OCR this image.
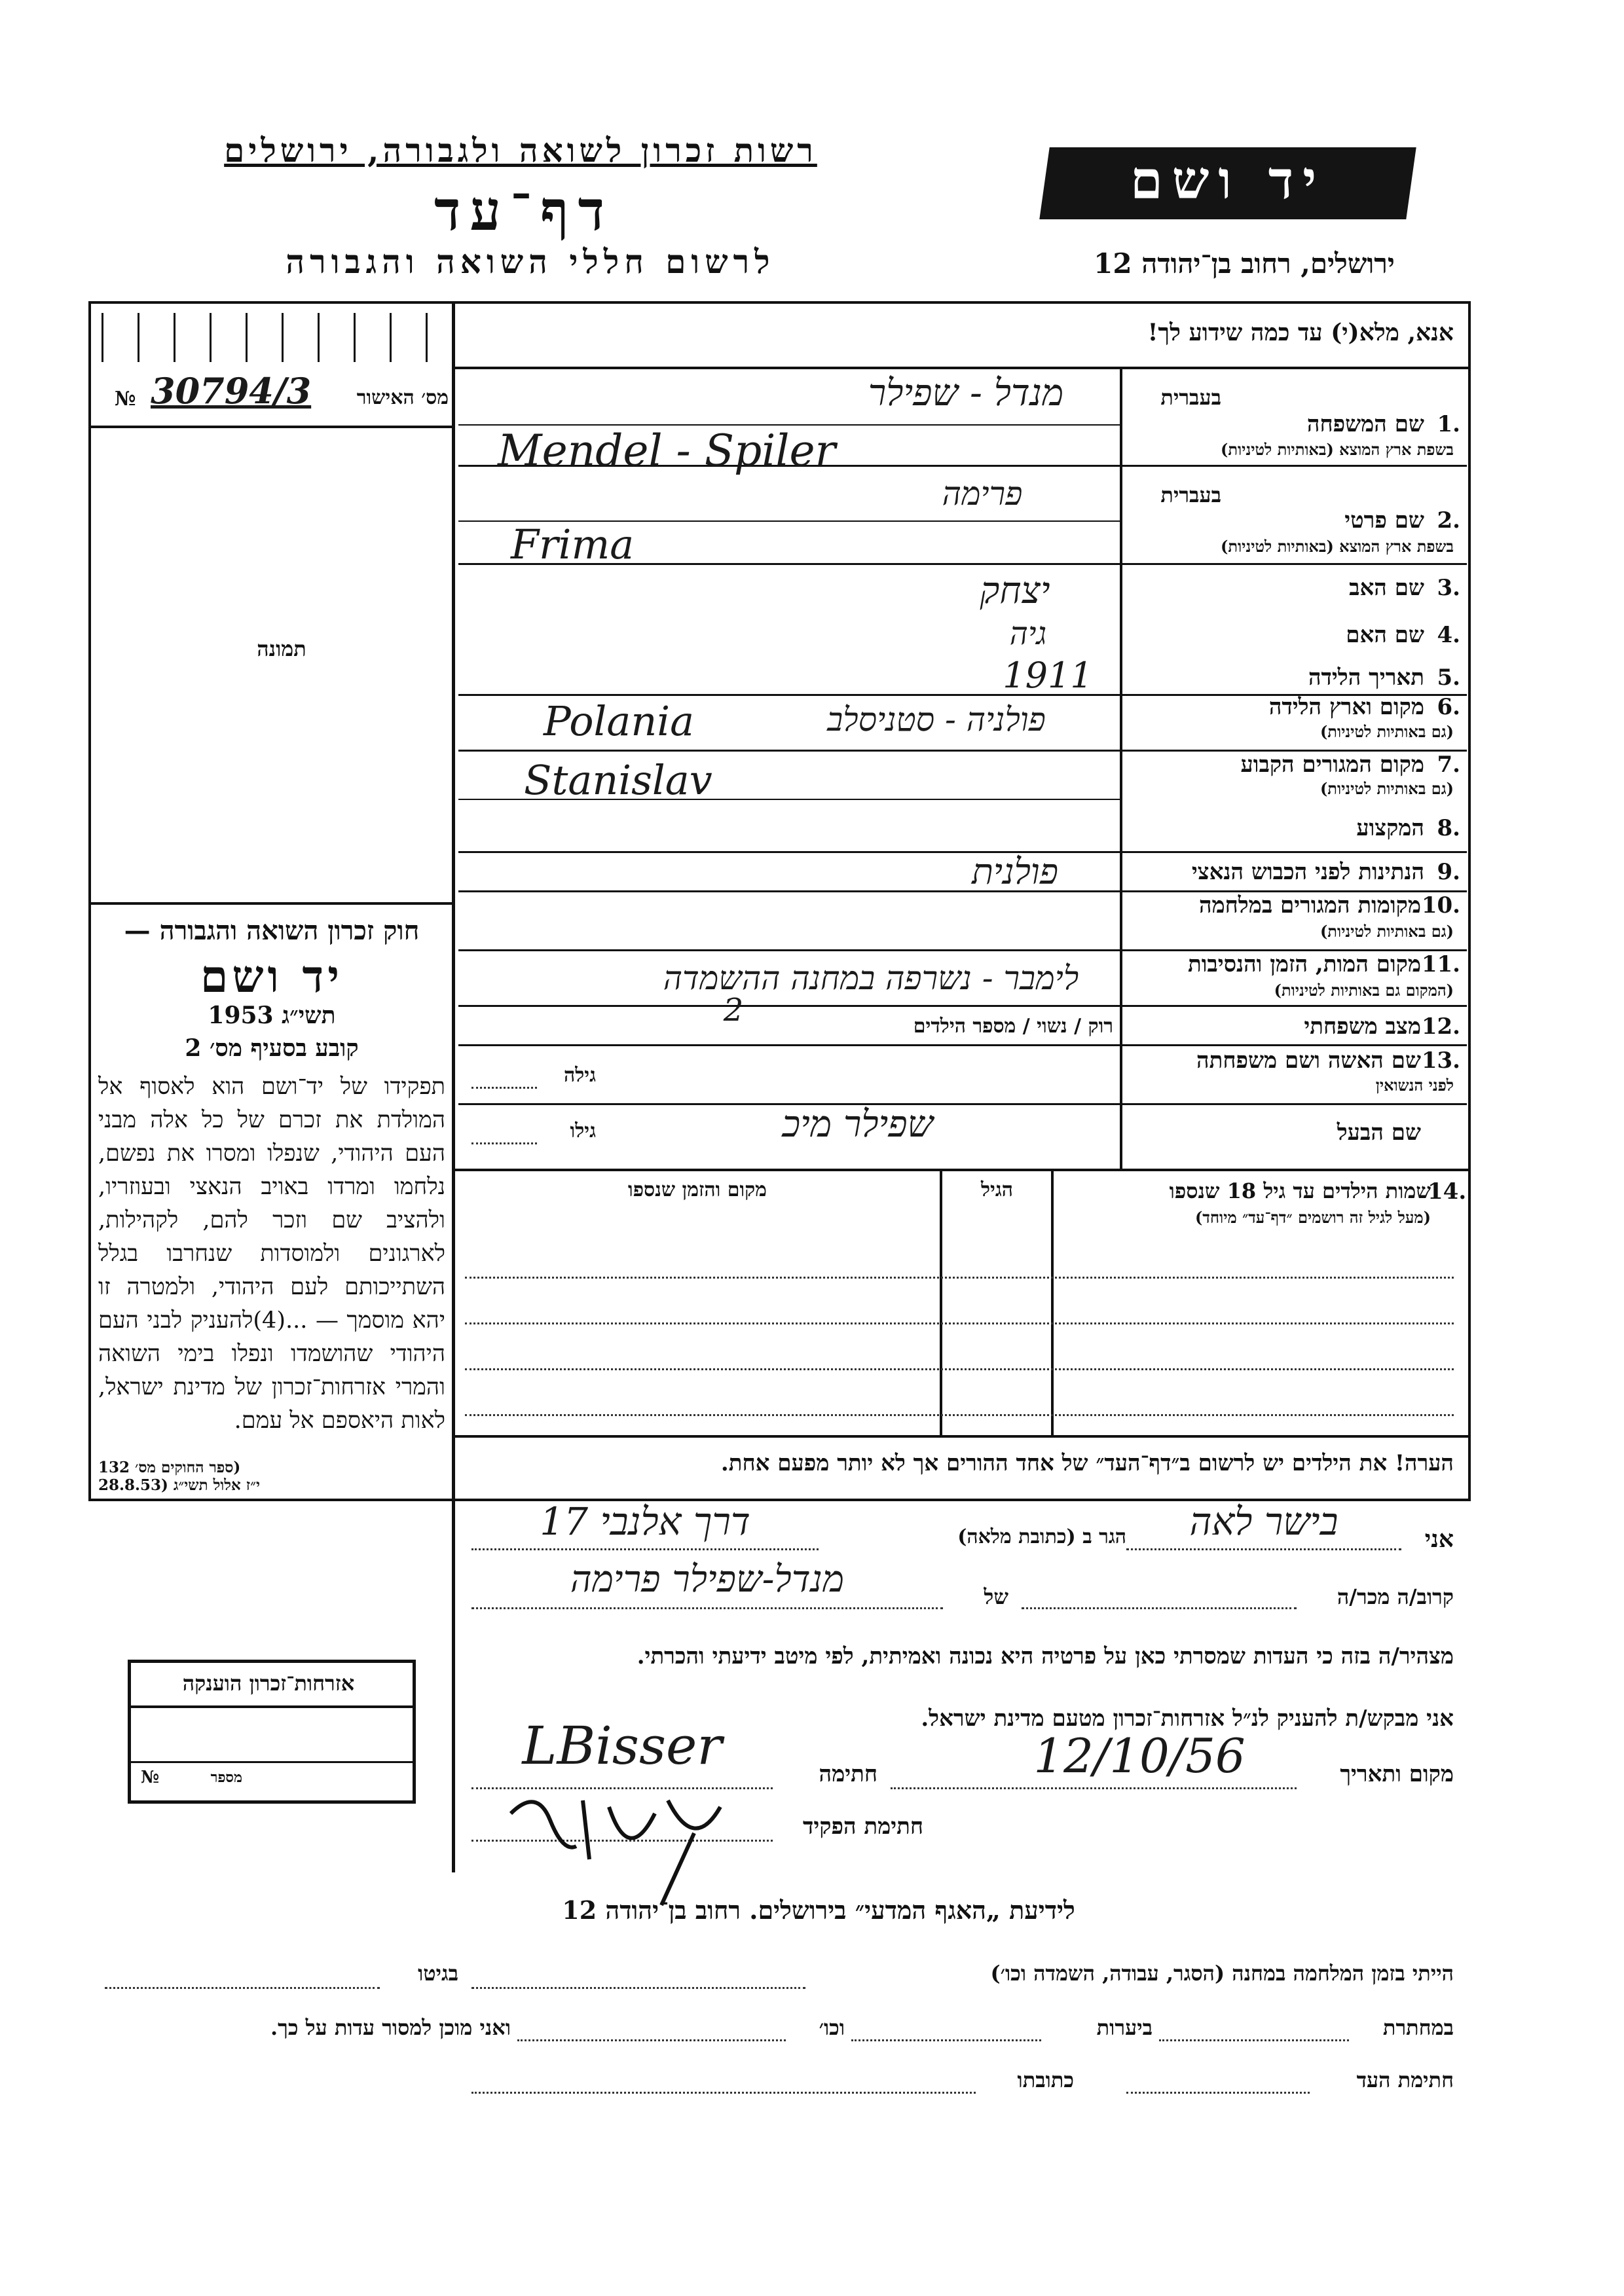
רשות זכרון לשואה ולגבורה, ירושלים
דף־עד
לרשום חללי השואה והגבורה
יד ושם
ירושלים, רחוב בן־יהודה 12
אנא, מלא(י) עד כמה שידוע לך!
מס׳ האישור
30794/3
№
תמונה
חוק זכרון השואה והגבורה —
יד ושם
תשי״ג 1953
קובע בסעיף מס׳ 2
תפקידו של יד־ושם הוא לאסוף אל המולדת את זכרם של כל אלה מבני העם היהודי, שנפלו ומסרו את נפשם, נלחמו ומרדו באויב הנאצי ובעוזריו, ולהציב שם וזכר להם, לקהילות, לארגונים ולמוסדות שנחרבו בגלל השתייכותם לעם היהודי, ולמטרה זו יהא מוסמך — ...(4)להעניק לבני העם היהודי שהושמדו ונפלו בימי השואה והמרי אזרחות־זכרון של מדינת ישראל, לאות היאספם אל עמם.
(ספר החוקים מס׳ 132
י״ז אלול תשי״ג (28.8.53
בעברית
1.
שם המשפחה
בשפת ארץ המוצא (באותיות לטיניות)
מנדל - שפילר
Mendel - Spiler
בעברית
2.
שם פרטי
בשפת ארץ המוצא (באותיות לטיניות)
פרימה
Frima
3.
שם האב
יצחק
4.
שם האם
גיה
5.
תאריך הלידה
1911
6.
מקום וארץ הלידה
(גם באותיות לטיניות)
פולניה - סטניסלב
Polania
7.
מקום המגורים הקבוע
(גם באותיות לטיניות)
Stanislav
8.
המקצוע
9.
הנתינות לפני הכבוש הנאצי
פולנית
10.
מקומות המגורים במלחמה
(גם באותיות לטיניות)
11.
מקום המות, הזמן והנסיבות
(המקום גם באותיות לטיניות)
לימבר - נשרפה במחנה ההשמדה
12.
מצב משפחתי
רוק / נשוי / מספר הילדים
2
13.
שם האשה ושם משפחתה
לפני הנשואין
גילה
שם הבעל
שפילר מיכ
גילו
14.
שמות הילדים עד גיל 18 שנספו
(מעל לגיל זה רושמים ״דף־עד״ מיוחד)
הגיל
מקום והזמן שנספו
הערה! את הילדים יש לרשום ב״דף־העד״ של אחד ההורים אך לא יותר מפעם אחת.
אני
בישר לאה
הגר ב (כתובת מלאה)
דרך אלנבי 17
קרוב/ה מכר/ה
של
מנדל-שפילר פרימה
מצהיר/ה בזה כי העדות שמסרתי כאן על פרטיה היא נכונה ואמיתית, לפי מיטב ידיעתי והכרתי.
אני מבקש/ת להעניק לנ״ל אזרחות־זכרון מטעם מדינת ישראל.
מקום ותאריך
12/10/56
חתימה
LBisser
חתימת הפקיד
אזרחות־זכרון הוענקה
מספר
№
לידיעת „האגף המדעי״ בירושלים. רחוב בן־יהודה 12
הייתי בזמן המלחמה במחנה (הסגר, עבודה, השמדה וכו׳)
בגיטו
במחתרת
ביערות
וכו׳
ואני מוכן למסור עדות על כך.
חתימת העד
כתובתו
